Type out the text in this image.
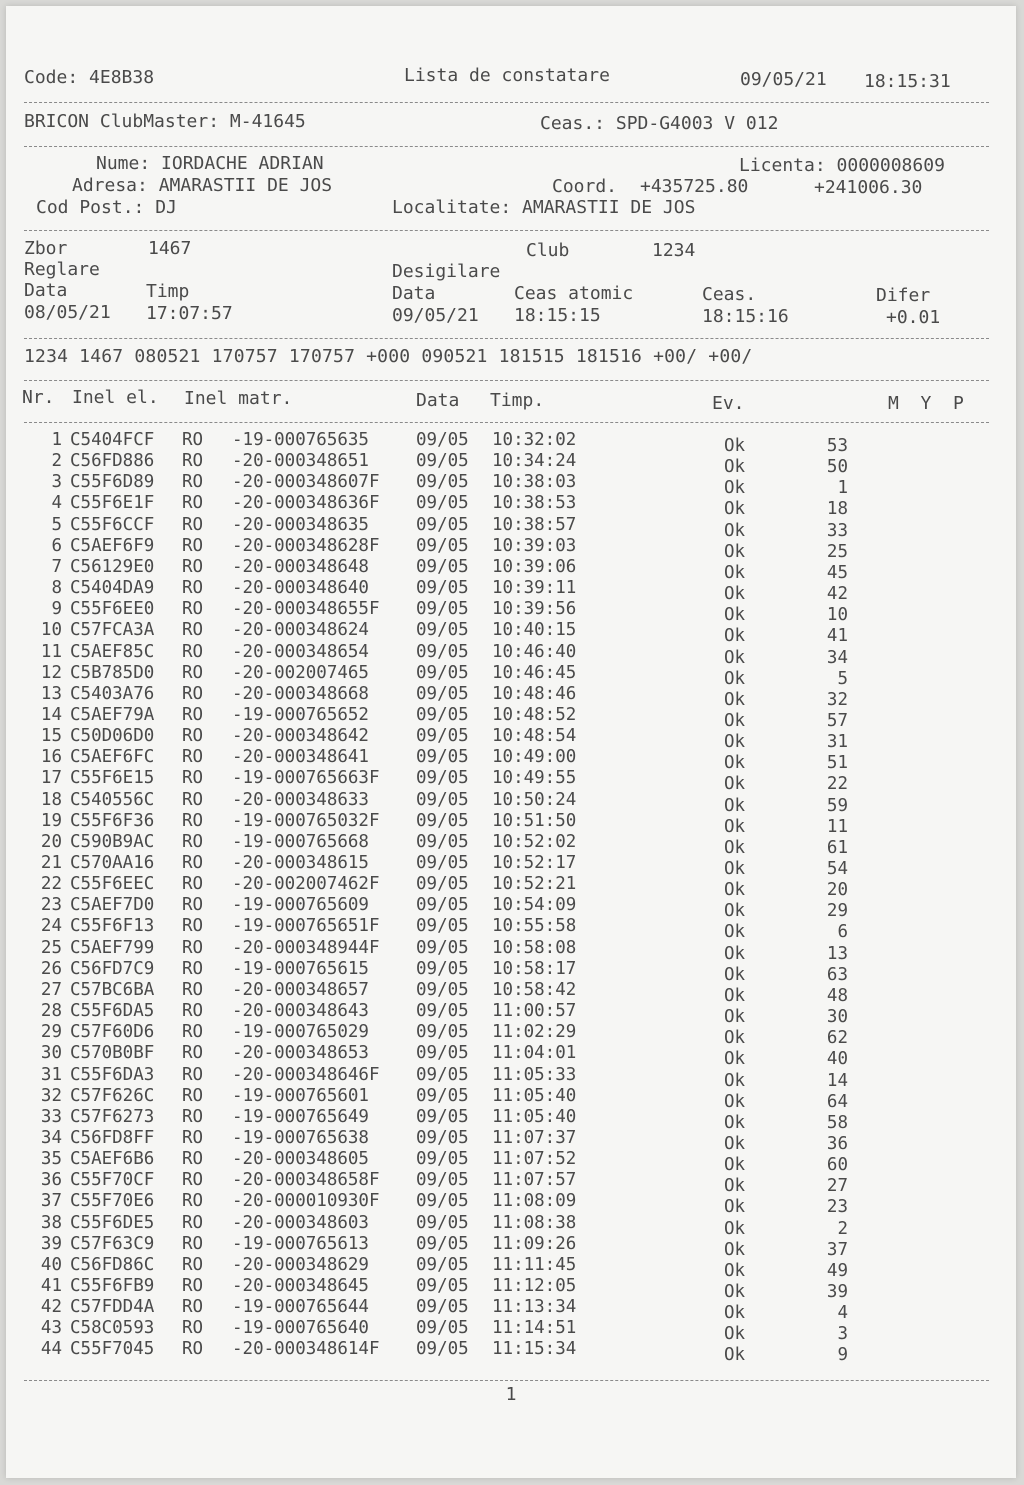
Code: 4E8B38	Lista de constatare	09/05/21 18:15:31
BRICON ClubMaster: M-41645	Ceas.: SPD-G4003 V 012
Nume: IORDACHE ADRIAN	Licenta: 0000008609
Adresa: AMARASTII DE JOS	Coord. +435725.80	+241006.30
Cod Post.: DJ	Localitate: AMARASTII DE JOS
Zbor	1467	Club	1234
Reglare	Desigilare
Data	Timp	Data	Ceas atomic	Ceas.	Difer
08/05/21 17:07:57	09/05/21 18:15:15	18:15:16	+0.01
1234 1467 080521 170757 170757 +000 090521 181515 181516 +00/ +00/
Nr. Inel el. Inel matr.	Data Timp.	Ev.	M  Y  P
1 C5404FCF RO -19-000765635	09/05 10:32:02	Ok	53
2 C56FD886 RO -20-000348651	09/05 10:34:24	Ok	50
3 C55F6D89 RO -20-000348607F 09/05 10:38:03	Ok	1
4 C55F6E1F RO -20-000348636F 09/05 10:38:53	Ok	18
5 C55F6CCF RO -20-000348635	09/05 10:38:57	Ok	33
6 C5AEF6F9 RO -20-000348628F 09/05 10:39:03	Ok	25
7 C56129E0 RO -20-000348648	09/05 10:39:06	Ok	45
8 C5404DA9 RO -20-000348640	09/05 10:39:11	Ok	42
9 C55F6EE0 RO -20-000348655F 09/05 10:39:56	Ok	10
10 C57FCA3A RO -20-000348624	09/05 10:40:15	Ok	41
11 C5AEF85C RO -20-000348654	09/05 10:46:40	Ok	34
12 C5B785D0 RO -20-002007465	09/05 10:46:45	Ok	5
13 C5403A76 RO -20-000348668	09/05 10:48:46	Ok	32
14 C5AEF79A RO -19-000765652	09/05 10:48:52	Ok	57
15 C50D06D0 RO -20-000348642	09/05 10:48:54	Ok	31
16 C5AEF6FC RO -20-000348641	09/05 10:49:00	Ok	51
17 C55F6E15 RO -19-000765663F 09/05 10:49:55	Ok	22
18 C540556C RO -20-000348633	09/05 10:50:24	Ok	59
19 C55F6F36 RO -19-000765032F 09/05 10:51:50	Ok	11
20 C590B9AC RO -19-000765668	09/05 10:52:02	Ok	61
21 C570AA16 RO -20-000348615	09/05 10:52:17	Ok	54
22 C55F6EEC RO -20-002007462F 09/05 10:52:21	Ok	20
23 C5AEF7D0 RO -19-000765609	09/05 10:54:09	Ok	29
24 C55F6F13 RO -19-000765651F 09/05 10:55:58	Ok	6
25 C5AEF799 RO -20-000348944F 09/05 10:58:08	Ok	13
26 C56FD7C9 RO -19-000765615	09/05 10:58:17	Ok	63
27 C57BC6BA RO -20-000348657	09/05 10:58:42	Ok	48
28 C55F6DA5 RO -20-000348643	09/05 11:00:57	Ok	30
29 C57F60D6 RO -19-000765029	09/05 11:02:29	Ok	62
30 C570B0BF RO -20-000348653	09/05 11:04:01	Ok	40
31 C55F6DA3 RO -20-000348646F 09/05 11:05:33	Ok	14
32 C57F626C RO -19-000765601	09/05 11:05:40	Ok	64
33 C57F6273 RO -19-000765649	09/05 11:05:40	Ok	58
34 C56FD8FF RO -19-000765638	09/05 11:07:37	Ok	36
35 C5AEF6B6 RO -20-000348605	09/05 11:07:52	Ok	60
36 C55F70CF RO -20-000348658F 09/05 11:07:57	Ok	27
37 C55F70E6 RO -20-000010930F 09/05 11:08:09	Ok	23
38 C55F6DE5 RO -20-000348603	09/05 11:08:38	Ok	2
39 C57F63C9 RO -19-000765613	09/05 11:09:26	Ok	37
40 C56FD86C RO -20-000348629	09/05 11:11:45	Ok	49
41 C55F6FB9 RO -20-000348645	09/05 11:12:05	Ok	39
42 C57FDD4A RO -19-000765644	09/05 11:13:34	Ok	4
43 C58C0593 RO -19-000765640	09/05 11:14:51	Ok	3
44 C55F7045 RO -20-000348614F 09/05 11:15:34	Ok	9
1
